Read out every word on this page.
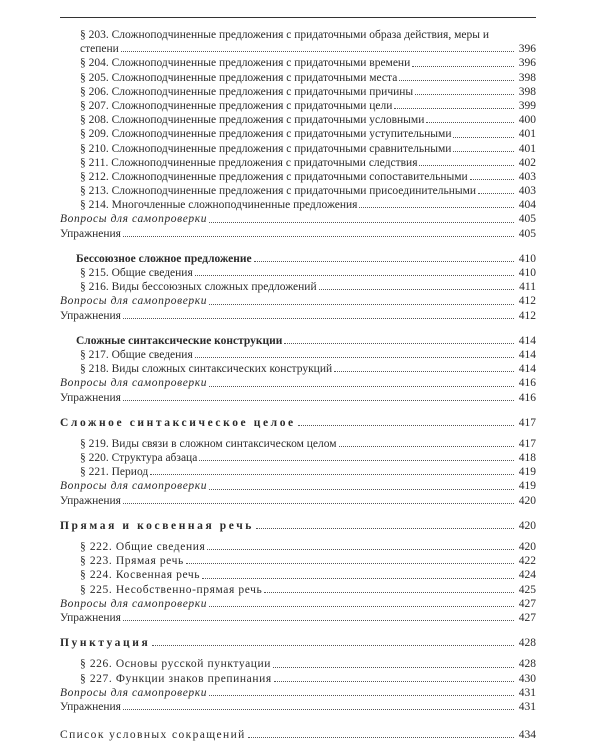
§ 203. Сложноподчиненные предложения с придаточными образа действия, меры и
степени	396
§ 204. Сложноподчиненные предложения с придаточными времени	396
§ 205. Сложноподчиненные предложения с придаточными места	398
§ 206. Сложноподчиненные предложения с придаточными причины	398
§ 207. Сложноподчиненные предложения с придаточными цели	399
§ 208. Сложноподчиненные предложения с придаточными условными	400
§ 209. Сложноподчиненные предложения с придаточными уступительными	401
§ 210. Сложноподчиненные предложения с придаточными сравнительными	401
§ 211. Сложноподчиненные предложения с придаточными следствия	402
§ 212. Сложноподчиненные предложения с придаточными сопоставительными	403
§ 213. Сложноподчиненные предложения с придаточными присоединительными	403
§ 214. Многочленные сложноподчиненные предложения	404
Вопросы для самопроверки	405
Упражнения	405
Бессоюзное сложное предложение	410
§ 215. Общие сведения	410
§ 216. Виды бессоюзных сложных предложений	411
Вопросы для самопроверки	412
Упражнения	412
Сложные синтаксические конструкции	414
§ 217. Общие сведения	414
§ 218. Виды сложных синтаксических конструкций	414
Вопросы для самопроверки	416
Упражнения	416
Сложное синтаксическое целое	417
§ 219. Виды связи в сложном синтаксическом целом	417
§ 220. Структура абзаца	418
§ 221. Период	419
Вопросы для самопроверки	419
Упражнения	420
Прямая и косвенная речь	420
§ 222. Общие сведения	420
§ 223. Прямая речь	422
§ 224. Косвенная речь	424
§ 225. Несобственно-прямая речь	425
Вопросы для самопроверки	427
Упражнения	427
Пунктуация	428
§ 226. Основы русской пунктуации	428
§ 227. Функции знаков препинания	430
Вопросы для самопроверки	431
Упражнения	431
Список условных сокращений	434
